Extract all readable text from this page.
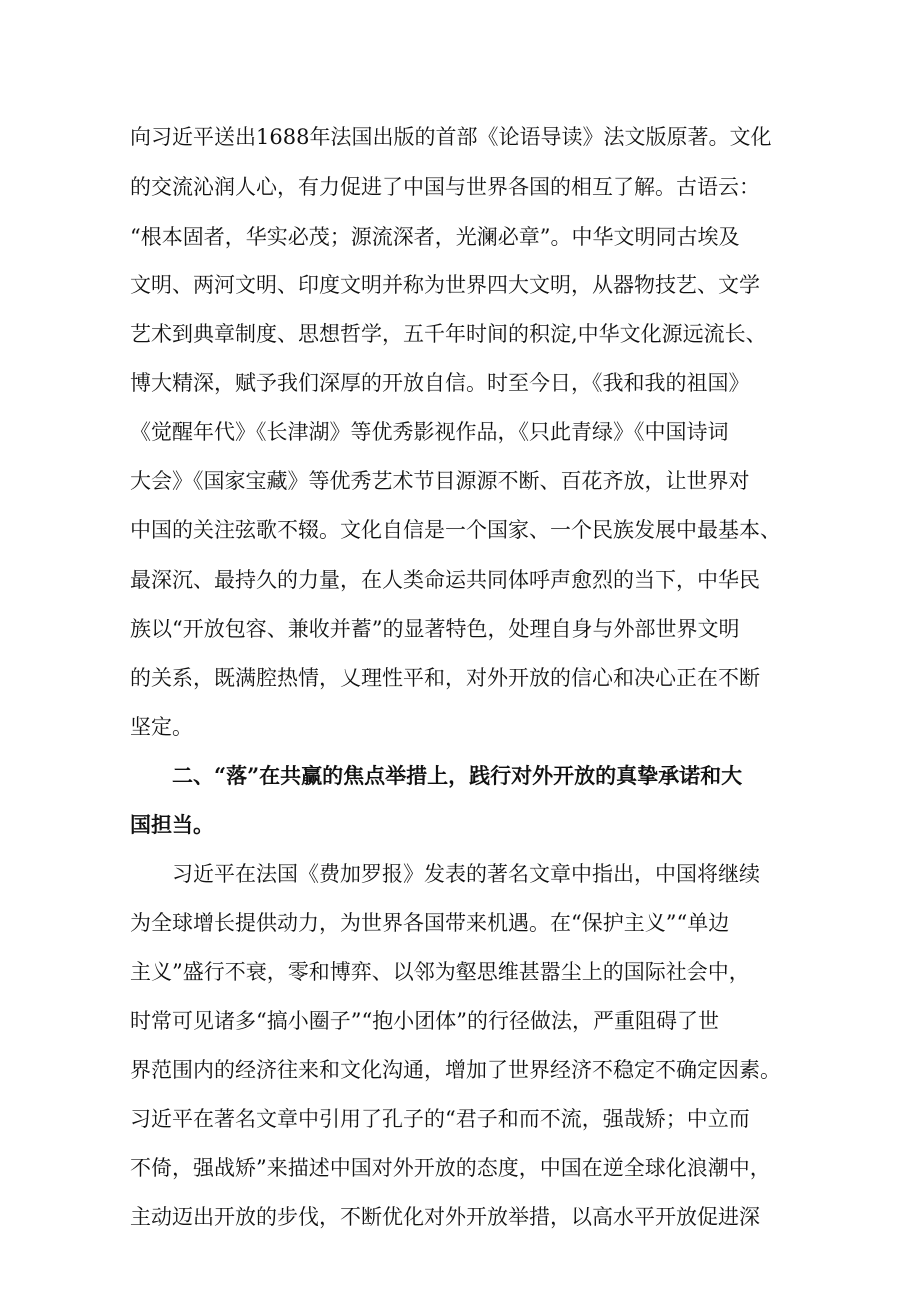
向习近平送出1688年法国出版的首部《论语导读》法文版原著。文化
的交流沁润人心，有力促进了中国与世界各国的相互了解。古语云：
“根本固者，华实必茂；源流深者，光澜必章”。中华文明同古埃及
文明、两河文明、印度文明并称为世界四大文明，从器物技艺、文学
艺术到典章制度、思想哲学，五千年时间的积淀,中华文化源远流长、
博大精深，赋予我们深厚的开放自信。时至今日，《我和我的祖国》
《觉醒年代》《长津湖》等优秀影视作品，《只此青绿》《中国诗词
大会》《国家宝藏》等优秀艺术节目源源不断、百花齐放，让世界对
中国的关注弦歌不辍。文化自信是一个国家、一个民族发展中最基本、
最深沉、最持久的力量，在人类命运共同体呼声愈烈的当下，中华民
族以“开放包容、兼收并蓄”的显著特色，处理自身与外部世界文明
的关系，既满腔热情，乂理性平和，对外开放的信心和决心正在不断
坚定。
二、“落”在共赢的焦点举措上，践行对外开放的真挚承诺和大
国担当。
习近平在法国《费加罗报》发表的著名文章中指出，中国将继续
为全球增长提供动力，为世界各国带来机遇。在“保护主义”“单边
主义”盛行不衰，零和博弈、以邻为壑思维甚嚣尘上的国际社会中，
时常可见诸多“搞小圈子”“抱小团体”的行径做法，严重阻碍了世
界范围内的经济往来和文化沟通，增加了世界经济不稳定不确定因素。
习近平在著名文章中引用了孔子的“君子和而不流，强哉矫；中立而
不倚，强战矫”来描述中国对外开放的态度，中国在逆全球化浪潮中，
主动迈出开放的步伐，不断优化对外开放举措，以高水平开放促进深
